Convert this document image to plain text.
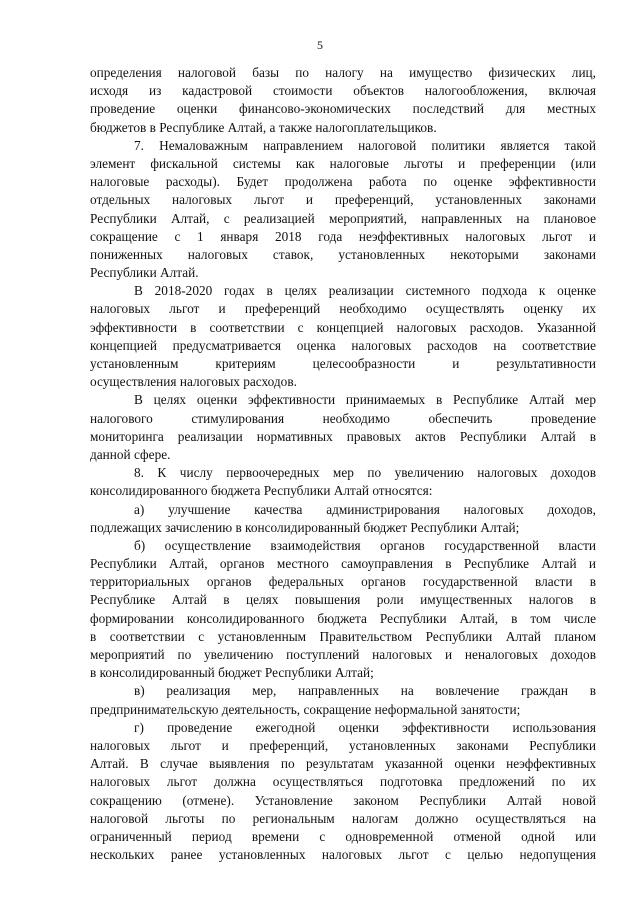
5
определения налоговой базы по налогу на имущество физических лиц,
исходя из кадастровой стоимости объектов налогообложения, включая
проведение оценки финансово-экономических последствий для местных
бюджетов в Республике Алтай, а также налогоплательщиков.
7. Немаловажным направлением налоговой политики является такой
элемент фискальной системы как налоговые льготы и преференции (или
налоговые расходы). Будет продолжена работа по оценке эффективности
отдельных налоговых льгот и преференций, установленных законами
Республики Алтай, с реализацией мероприятий, направленных на плановое
сокращение с 1 января 2018 года неэффективных налоговых льгот и
пониженных налоговых ставок, установленных некоторыми законами
Республики Алтай.
В 2018-2020 годах в целях реализации системного подхода к оценке
налоговых льгот и преференций необходимо осуществлять оценку их
эффективности в соответствии с концепцией налоговых расходов. Указанной
концепцией предусматривается оценка налоговых расходов на соответствие
установленным критериям целесообразности и результативности
осуществления налоговых расходов.
В целях оценки эффективности принимаемых в Республике Алтай мер
налогового стимулирования необходимо обеспечить проведение
мониторинга реализации нормативных правовых актов Республики Алтай в
данной сфере.
8. К числу первоочередных мер по увеличению налоговых доходов
консолидированного бюджета Республики Алтай относятся:
а) улучшение качества администрирования налоговых доходов,
подлежащих зачислению в консолидированный бюджет Республики Алтай;
б) осуществление взаимодействия органов государственной власти
Республики Алтай, органов местного самоуправления в Республике Алтай и
территориальных органов федеральных органов государственной власти в
Республике Алтай в целях повышения роли имущественных налогов в
формировании консолидированного бюджета Республики Алтай, в том числе
в соответствии с установленным Правительством Республики Алтай планом
мероприятий по увеличению поступлений налоговых и неналоговых доходов
в консолидированный бюджет Республики Алтай;
в) реализация мер, направленных на вовлечение граждан в
предпринимательскую деятельность, сокращение неформальной занятости;
г) проведение ежегодной оценки эффективности использования
налоговых льгот и преференций, установленных законами Республики
Алтай. В случае выявления по результатам указанной оценки неэффективных
налоговых льгот должна осуществляться подготовка предложений по их
сокращению (отмене). Установление законом Республики Алтай новой
налоговой льготы по региональным налогам должно осуществляться на
ограниченный период времени с одновременной отменой одной или
нескольких ранее установленных налоговых льгот с целью недопущения
